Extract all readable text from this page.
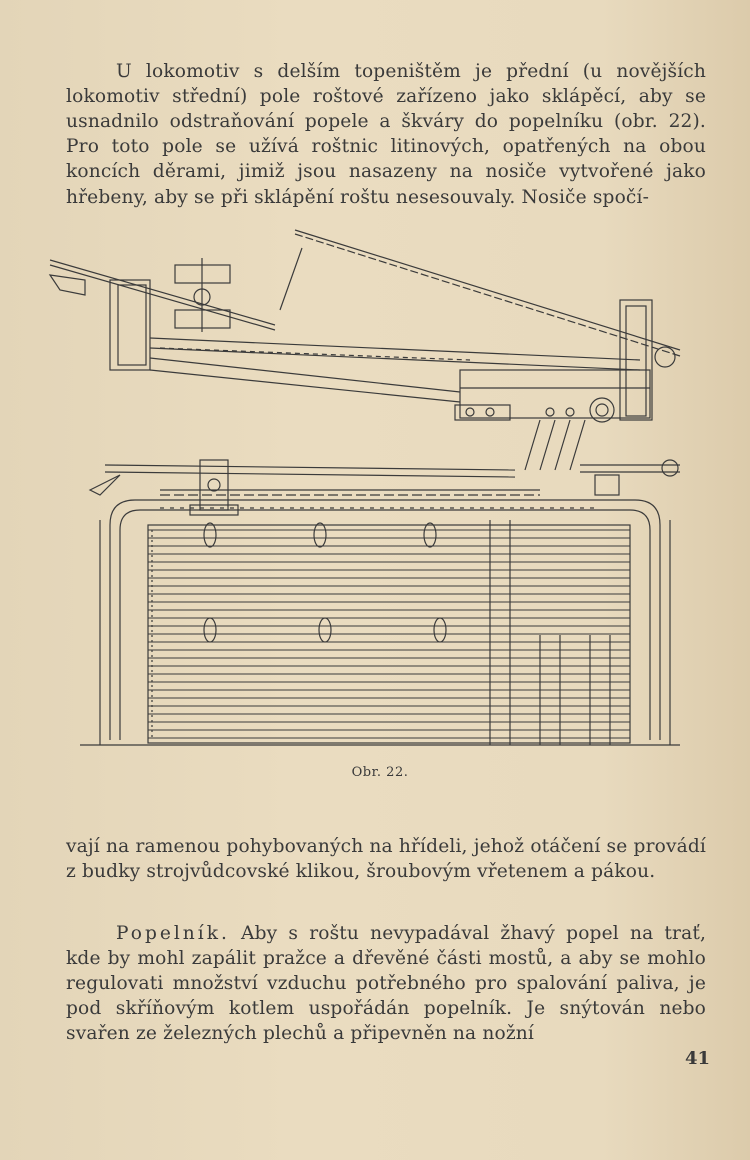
U lokomotiv s delším topeništěm je přední (u novějších lokomotiv střední) pole roštové zařízeno jako sklápěcí, aby se usnadnilo odstraňování popele a škváry do popelníku (obr. 22). Pro toto pole se užívá roštnic litinových, opatřených na obou koncích děrami, jimiž jsou nasazeny na nosiče vytvořené jako hřebeny, aby se při sklápění roštu nesesouvaly. Nosiče spočí-

Obr. 22.

vají na ramenou pohybovaných na hřídeli, jehož otáčení se provádí z budky strojvůdcovské klikou, šroubovým vřetenem a pákou.

Popelník. Aby s roštu nevypadával žhavý popel na trať, kde by mohl zapálit pražce a dřevěné části mostů, a aby se mohlo regulovati množství vzduchu potřebného pro spalování paliva, je pod skříňovým kotlem uspořádán popelník. Je snýtován nebo svařen ze železných plechů a připevněn na nožní

41
